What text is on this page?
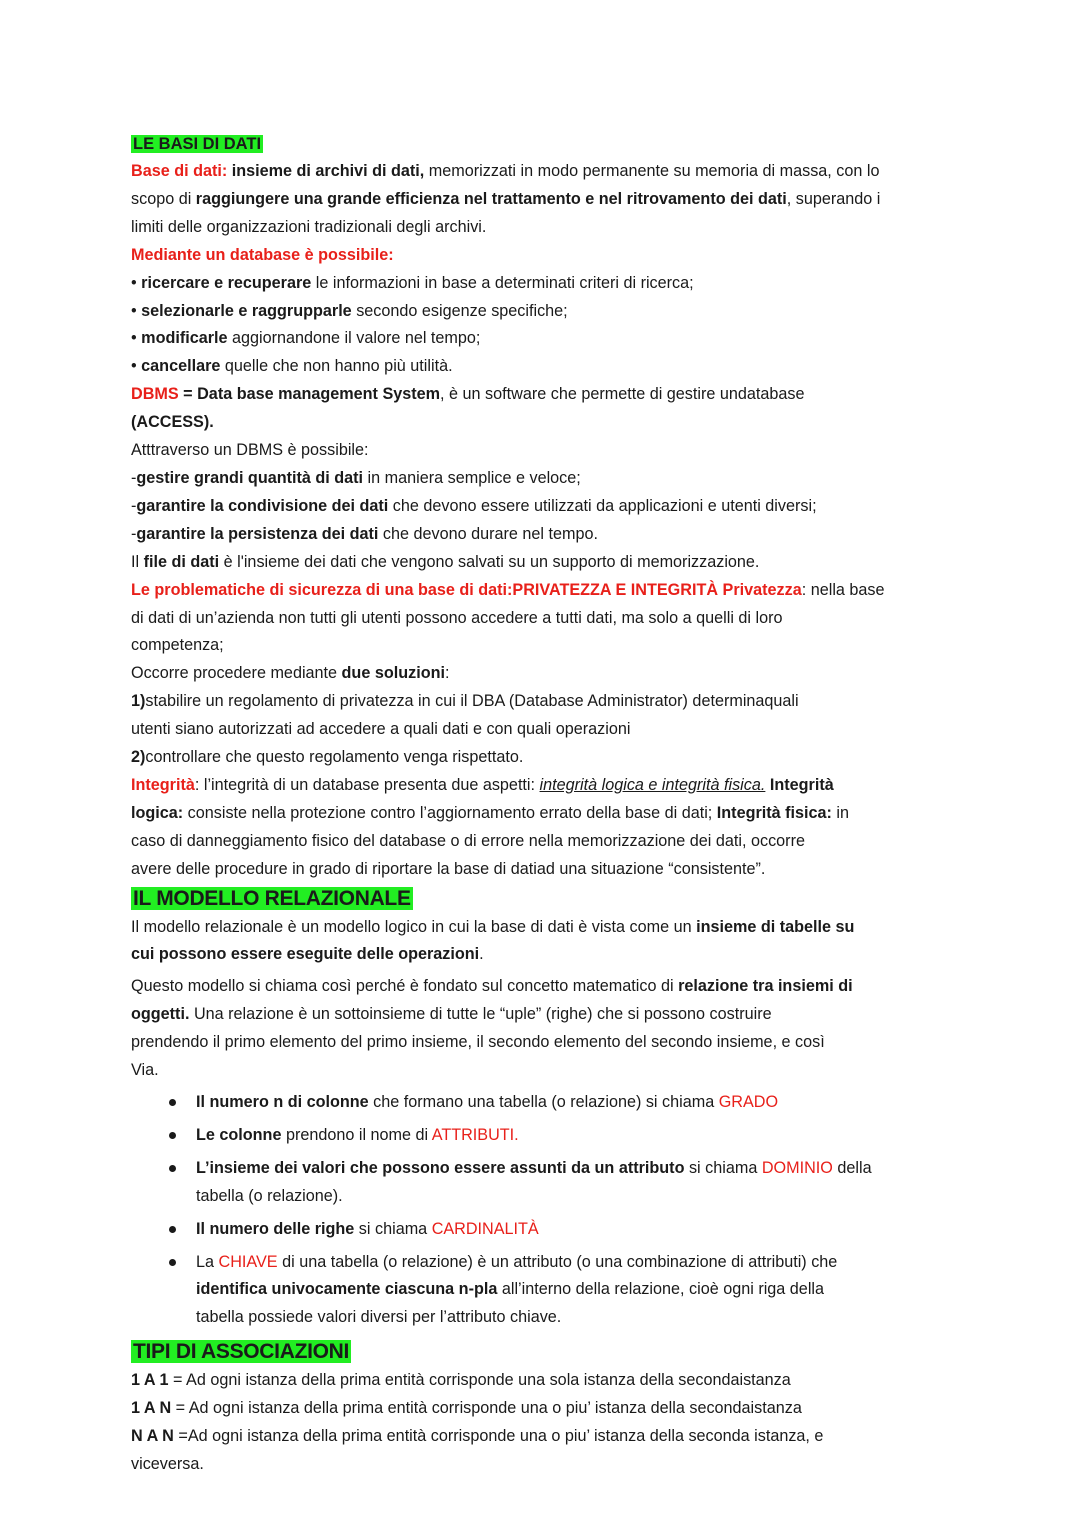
LE BASI DI DATI

Base di dati: insieme di archivi di dati, memorizzati in modo permanente su memoria di massa, con lo

scopo di raggiungere una grande efficienza nel trattamento e nel ritrovamento dei dati, superando i

limiti delle organizzazioni tradizionali degli archivi.

Mediante un database è possibile:

• ricercare e recuperare le informazioni in base a determinati criteri di ricerca;

• selezionarle e raggrupparle secondo esigenze specifiche;

• modificarle aggiornandone il valore nel tempo;

• cancellare quelle che non hanno più utilità.

DBMS = Data base management System, è un software che permette di gestire undatabase

(ACCESS).

Atttraverso un DBMS è possibile:

-gestire grandi quantità di dati in maniera semplice e veloce;

-garantire la condivisione dei dati che devono essere utilizzati da applicazioni e utenti diversi;

-garantire la persistenza dei dati che devono durare nel tempo.

Il file di dati è l'insieme dei dati che vengono salvati su un supporto di memorizzazione.

Le problematiche di sicurezza di una base di dati:PRIVATEZZA E INTEGRITÀ Privatezza: nella base

di dati di un’azienda non tutti gli utenti possono accedere a tutti dati, ma solo a quelli di loro

competenza;

Occorre procedere mediante due soluzioni:

1)stabilire un regolamento di privatezza in cui il DBA (Database Administrator) determinaquali

utenti siano autorizzati ad accedere a quali dati e con quali operazioni

2)controllare che questo regolamento venga rispettato.

Integrità: l’integrità di un database presenta due aspetti: integrità logica e integrità fisica. Integrità

logica: consiste nella protezione contro l’aggiornamento errato della base di dati; Integrità fisica: in

caso di danneggiamento fisico del database o di errore nella memorizzazione dei dati, occorre

avere delle procedure in grado di riportare la base di datiad una situazione “consistente”.

IL MODELLO RELAZIONALE

Il modello relazionale è un modello logico in cui la base di dati è vista come un insieme di tabelle su

cui possono essere eseguite delle operazioni.

Questo modello si chiama così perché è fondato sul concetto matematico di relazione tra insiemi di

oggetti. Una relazione è un sottoinsieme di tutte le “uple” (righe) che si possono costruire

prendendo il primo elemento del primo insieme, il secondo elemento del secondo insieme, e così

Via.

Il numero n di colonne che formano una tabella (o relazione) si chiama GRADO
Le colonne prendono il nome di ATTRIBUTI.
L’insieme dei valori che possono essere assunti da un attributo si chiama DOMINIO della
tabella (o relazione).
Il numero delle righe si chiama CARDINALITÀ
La CHIAVE di una tabella (o relazione) è un attributo (o una combinazione di attributi) che
identifica univocamente ciascuna n-pla all’interno della relazione, cioè ogni riga della
tabella possiede valori diversi per l’attributo chiave.

TIPI DI ASSOCIAZIONI

1 A 1 = Ad ogni istanza della prima entità corrisponde una sola istanza della secondaistanza

1 A N = Ad ogni istanza della prima entità corrisponde una o piu’ istanza della secondaistanza

N A N =Ad ogni istanza della prima entità corrisponde una o piu’ istanza della seconda istanza, e

viceversa.
